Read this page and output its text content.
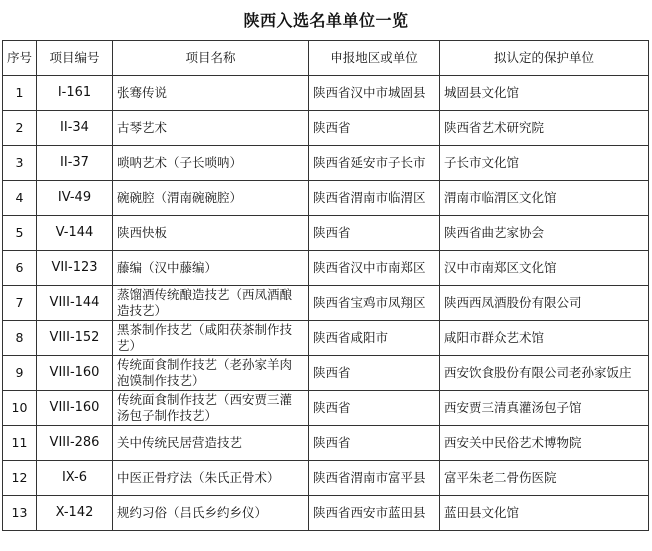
陕西入选名单单位一览
序号	项目编号	项目名称	申报地区或单位	拟认定的保护单位
1	I-161	张骞传说	陕西省汉中市城固县	城固县文化馆
2	II-34	古琴艺术	陕西省	陕西省艺术研究院
3	II-37	唢呐艺术（子长唢呐）	陕西省延安市子长市	子长市文化馆
4	IV-49	碗碗腔（渭南碗碗腔）	陕西省渭南市临渭区	渭南市临渭区文化馆
5	V-144	陕西快板	陕西省	陕西省曲艺家协会
6	VII-123	藤编（汉中藤编）	陕西省汉中市南郑区	汉中市南郑区文化馆
7	VIII-144	蒸馏酒传统酿造技艺（西凤酒酿造技艺）	陕西省宝鸡市凤翔区	陕西西凤酒股份有限公司
8	VIII-152	黑茶制作技艺（咸阳茯茶制作技艺）	陕西省咸阳市	咸阳市群众艺术馆
9	VIII-160	传统面食制作技艺（老孙家羊肉泡馍制作技艺）	陕西省	西安饮食股份有限公司老孙家饭庄
10	VIII-160	传统面食制作技艺（西安贾三灌汤包子制作技艺）	陕西省	西安贾三清真灌汤包子馆
11	VIII-286	关中传统民居营造技艺	陕西省	西安关中民俗艺术博物院
12	IX-6	中医正骨疗法（朱氏正骨术）	陕西省渭南市富平县	富平朱老二骨伤医院
13	X-142	规约习俗（吕氏乡约乡仪）	陕西省西安市蓝田县	蓝田县文化馆
